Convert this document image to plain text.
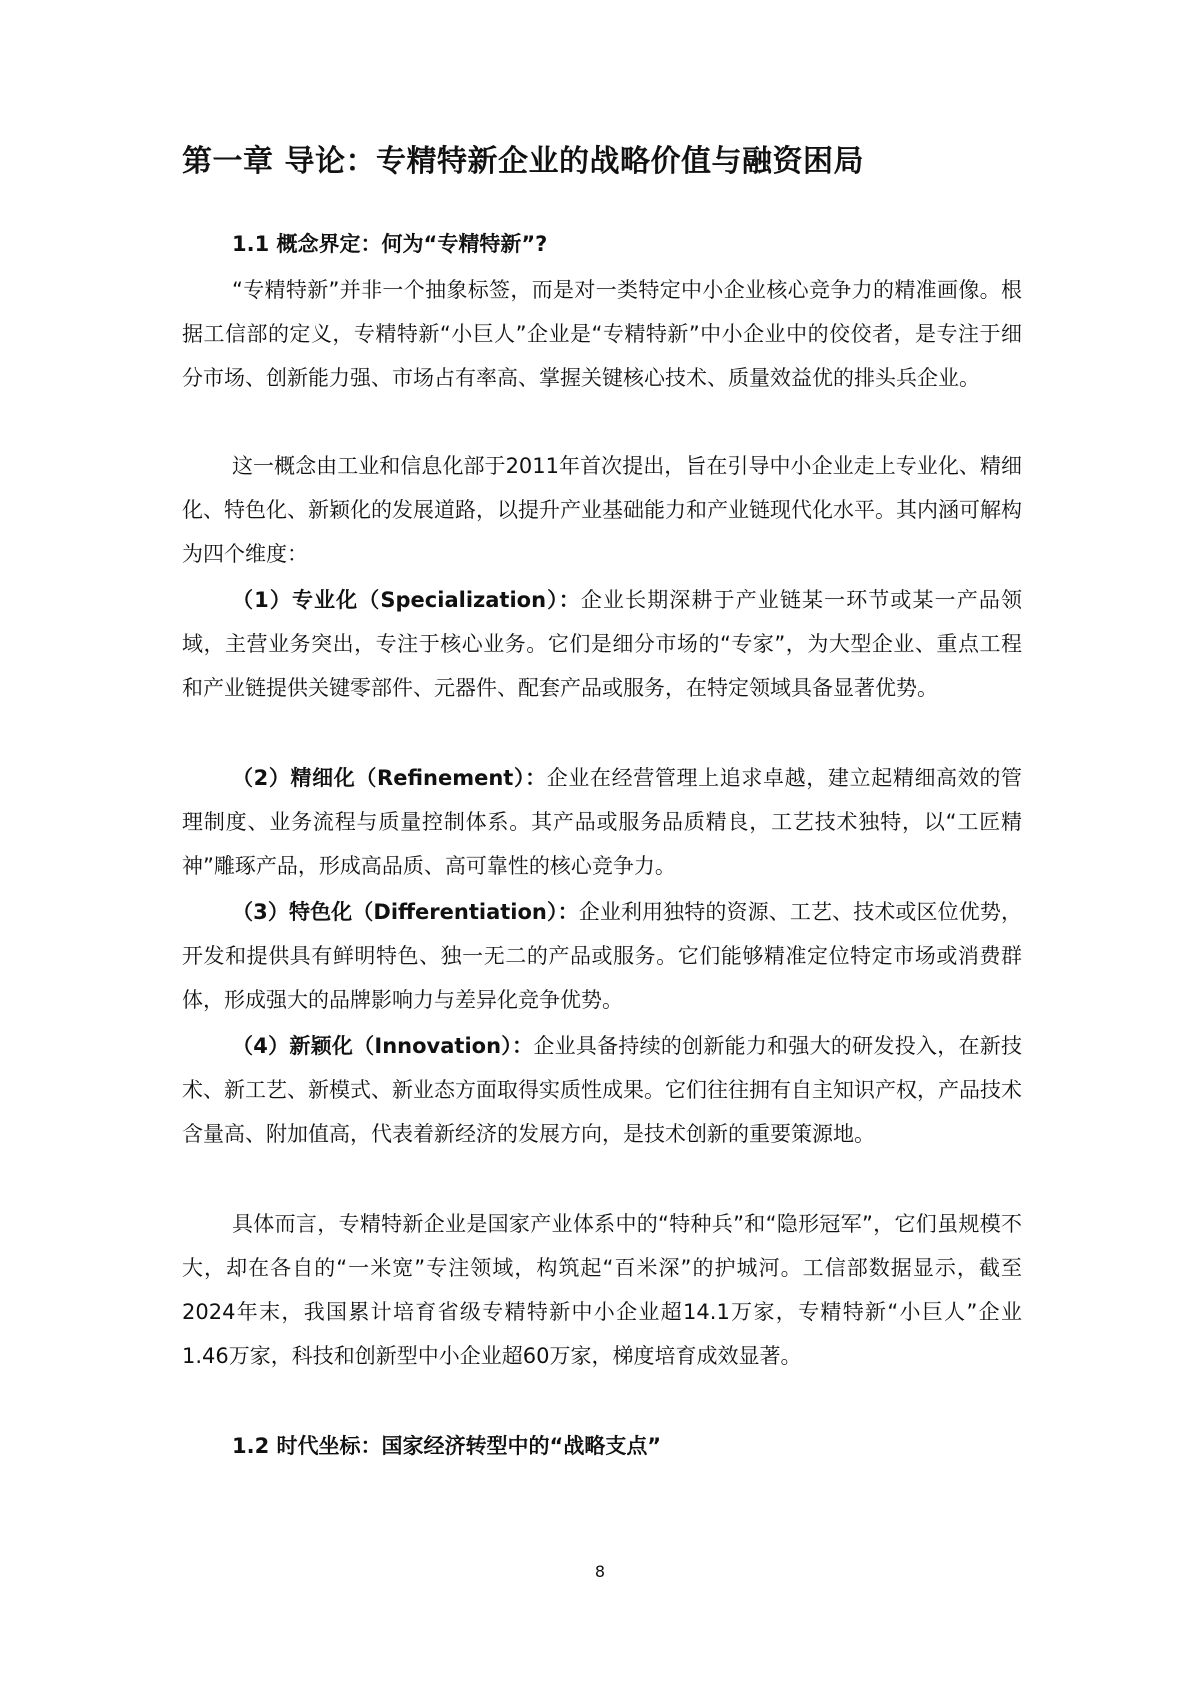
第一章 导论：专精特新企业的战略价值与融资困局
1.1 概念界定：何为“专精特新”?

“专精特新”并非一个抽象标签，而是对一类特定中小企业核心竞争力的精准画像。根据工信部的定义，专精特新“小巨人”企业是“专精特新”中小企业中的佼佼者，是专注于细分市场、创新能力强、市场占有率高、掌握关键核心技术、质量效益优的排头兵企业。

这一概念由工业和信息化部于2011年首次提出，旨在引导中小企业走上专业化、精细化、特色化、新颖化的发展道路，以提升产业基础能力和产业链现代化水平。其内涵可解构为四个维度：

（1）专业化（Specialization）：企业长期深耕于产业链某一环节或某一产品领域，主营业务突出，专注于核心业务。它们是细分市场的“专家”，为大型企业、重点工程和产业链提供关键零部件、元器件、配套产品或服务，在特定领域具备显著优势。

（2）精细化（Refinement）：企业在经营管理上追求卓越，建立起精细高效的管理制度、业务流程与质量控制体系。其产品或服务品质精良，工艺技术独特，以“工匠精神”雕琢产品，形成高品质、高可靠性的核心竞争力。

（3）特色化（Differentiation）：企业利用独特的资源、工艺、技术或区位优势，开发和提供具有鲜明特色、独一无二的产品或服务。它们能够精准定位特定市场或消费群体，形成强大的品牌影响力与差异化竞争优势。

（4）新颖化（Innovation）：企业具备持续的创新能力和强大的研发投入，在新技术、新工艺、新模式、新业态方面取得实质性成果。它们往往拥有自主知识产权，产品技术含量高、附加值高，代表着新经济的发展方向，是技术创新的重要策源地。

具体而言，专精特新企业是国家产业体系中的“特种兵”和“隐形冠军”，它们虽规模不大，却在各自的“一米宽”专注领域，构筑起“百米深”的护城河。工信部数据显示，截至2024年末，我国累计培育省级专精特新中小企业超14.1万家，专精特新“小巨人”企业1.46万家，科技和创新型中小企业超60万家，梯度培育成效显著。

1.2 时代坐标：国家经济转型中的“战略支点”
8
